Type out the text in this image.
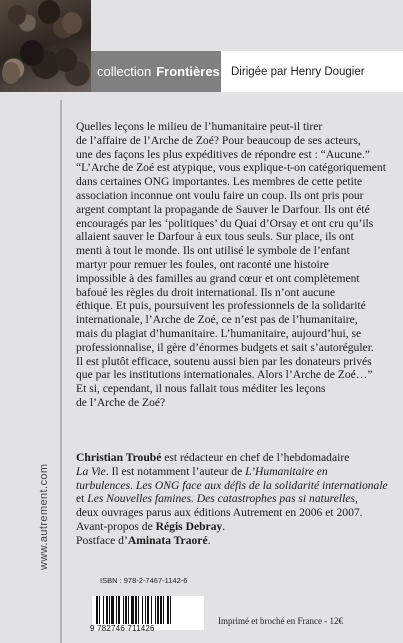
collection Frontières Dirigée par Henry Dougier
www.autrement.com

Quelles leçons le milieu de l’humanitaire peut-il tirer
de l’affaire de l’Arche de Zoé? Pour beaucoup de ses acteurs,
une des façons les plus expéditives de répondre est : “Aucune.”
“L’Arche de Zoé est atypique, vous explique-t-on catégoriquement
dans certaines ONG importantes. Les membres de cette petite
association inconnue ont voulu faire un coup. Ils ont pris pour
argent comptant la propagande de Sauver le Darfour. Ils ont été
encouragés par les ‘politiques’ du Quai d’Orsay et ont cru qu’ils
allaient sauver le Darfour à eux tous seuls. Sur place, ils ont
menti à tout le monde. Ils ont utilisé le symbole de l’enfant
martyr pour remuer les foules, ont raconté une histoire
impossible à des familles au grand cœur et ont complètement
bafoué les règles du droit international. Ils n’ont aucune
éthique. Et puis, poursuivent les professionnels de la solidarité
internationale, l’Arche de Zoé, ce n’est pas de l’humanitaire,
mais du plagiat d’humanitaire. L’humanitaire, aujourd’hui, se
professionnalise, il gère d’énormes budgets et sait s’autoréguler.
Il est plutôt efficace, soutenu aussi bien par les donateurs privés
que par les institutions internationales. Alors l’Arche de Zoé…”
Et si, cependant, il nous fallait tous méditer les leçons
de l’Arche de Zoé?

Christian Troubé est rédacteur en chef de l’hebdomadaire
La Vie. Il est notamment l’auteur de L’Humanitaire en
turbulences. Les ONG face aux défis de la solidarité internationale
et Les Nouvelles famines. Des catastrophes pas si naturelles,
deux ouvrages parus aux éditions Autrement en 2006 et 2007.
Avant-propos de Régis Debray.
Postface d’Aminata Traoré.
ISBN : 978-2-7467-1142-6
9 782746 711426
Imprimé et broché en France - 12€
